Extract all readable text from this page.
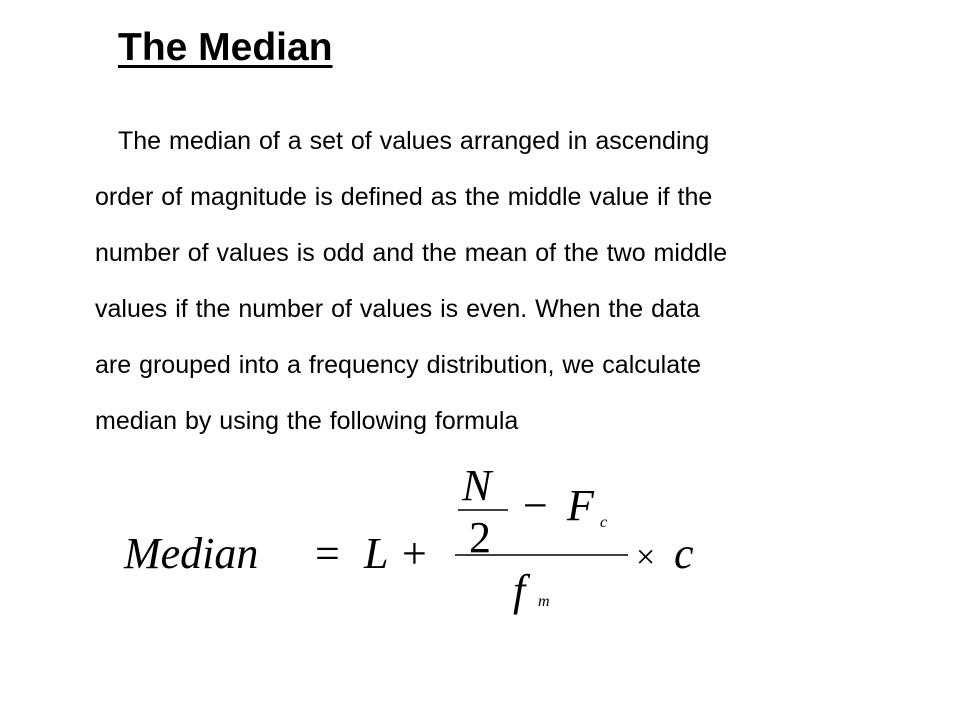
The Median

The median of a set of values arranged in ascending
order of magnitude is defined as the middle value if the
number of values is odd and the mean of the two middle
values if the number of values is even. When the data
are grouped into a frequency distribution, we calculate
median by using the following formula

Median = L +
N
2
− F c
f m
× c
